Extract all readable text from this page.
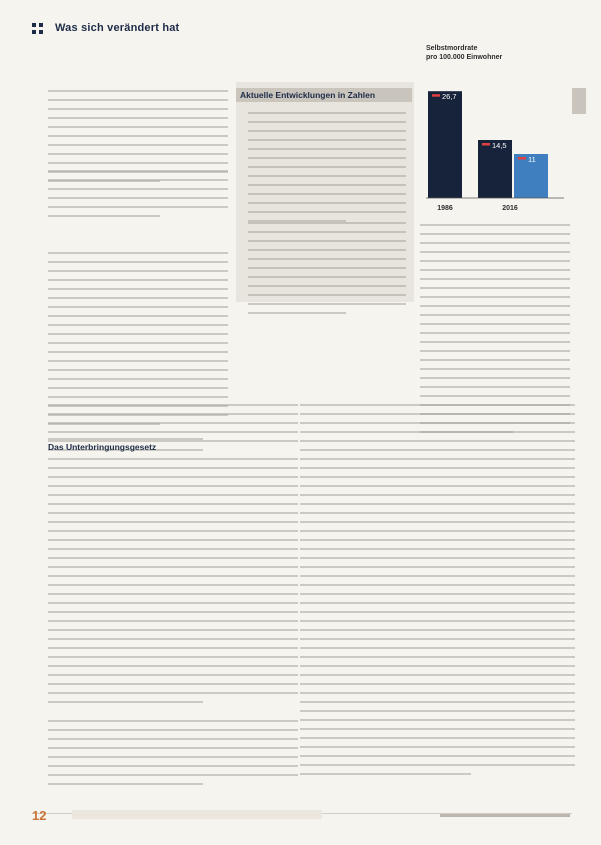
Was sich verändert hat
Selbstmordrate
pro 100.000 Einwohner
26,7
14,5
11
1986	2016
Aktuelle Entwicklungen in Zahlen
Das Unterbringungsgesetz
12
